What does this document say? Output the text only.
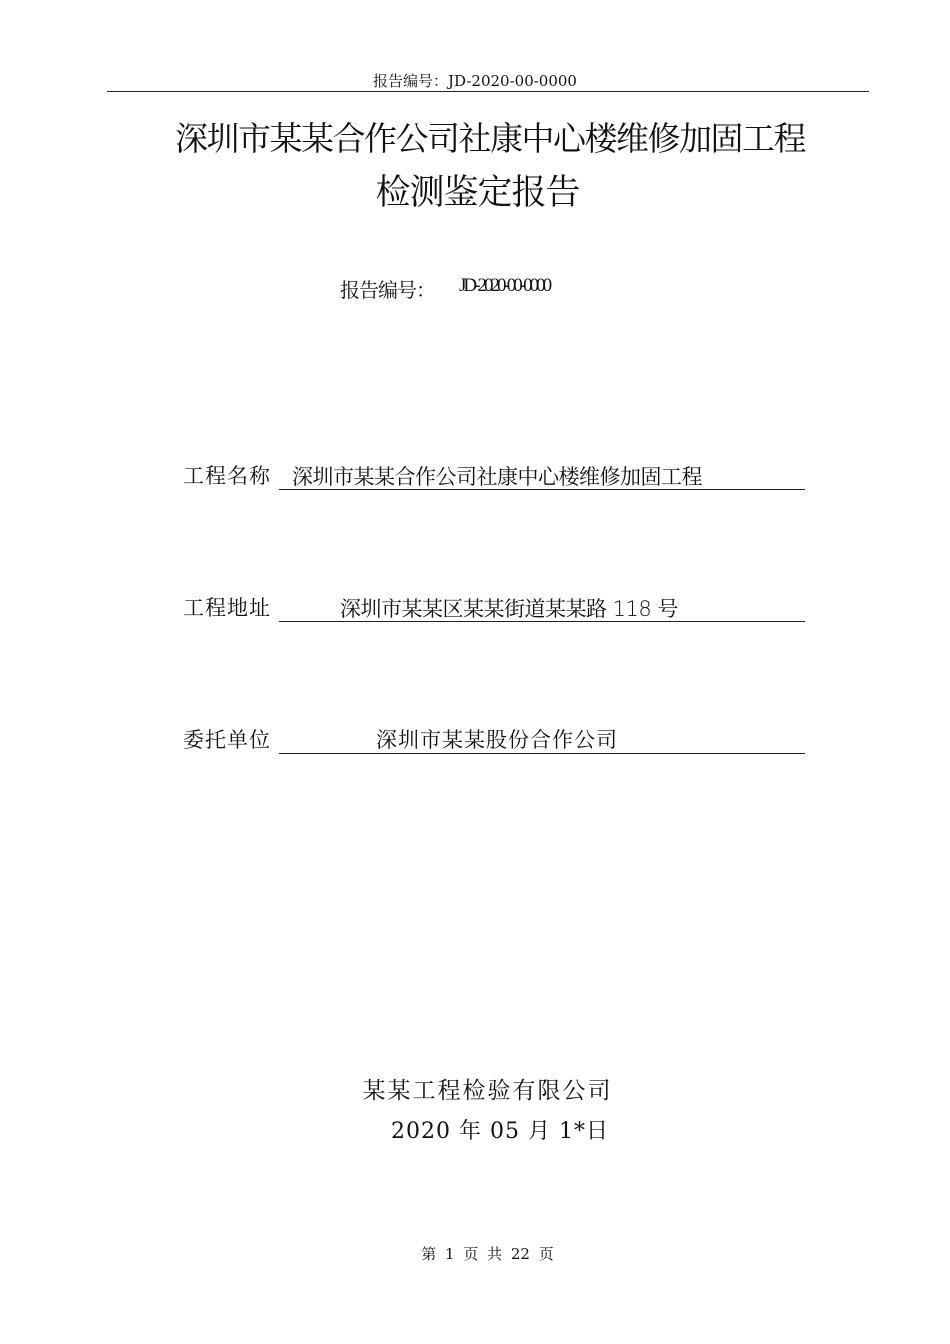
报告编号：JD-2020-00-0000
深圳市某某合作公司社康中心楼维修加固工程
检测鉴定报告
报告编号： JD-2020-00-0000
工程名称 深圳市某某合作公司社康中心楼维修加固工程
工程地址	深圳市某某区某某街道某某路 118 号
委托单位	深圳市某某股份合作公司
某某工程检验有限公司
2020 年 05 月 1*日
第 1 页 共 22 页
